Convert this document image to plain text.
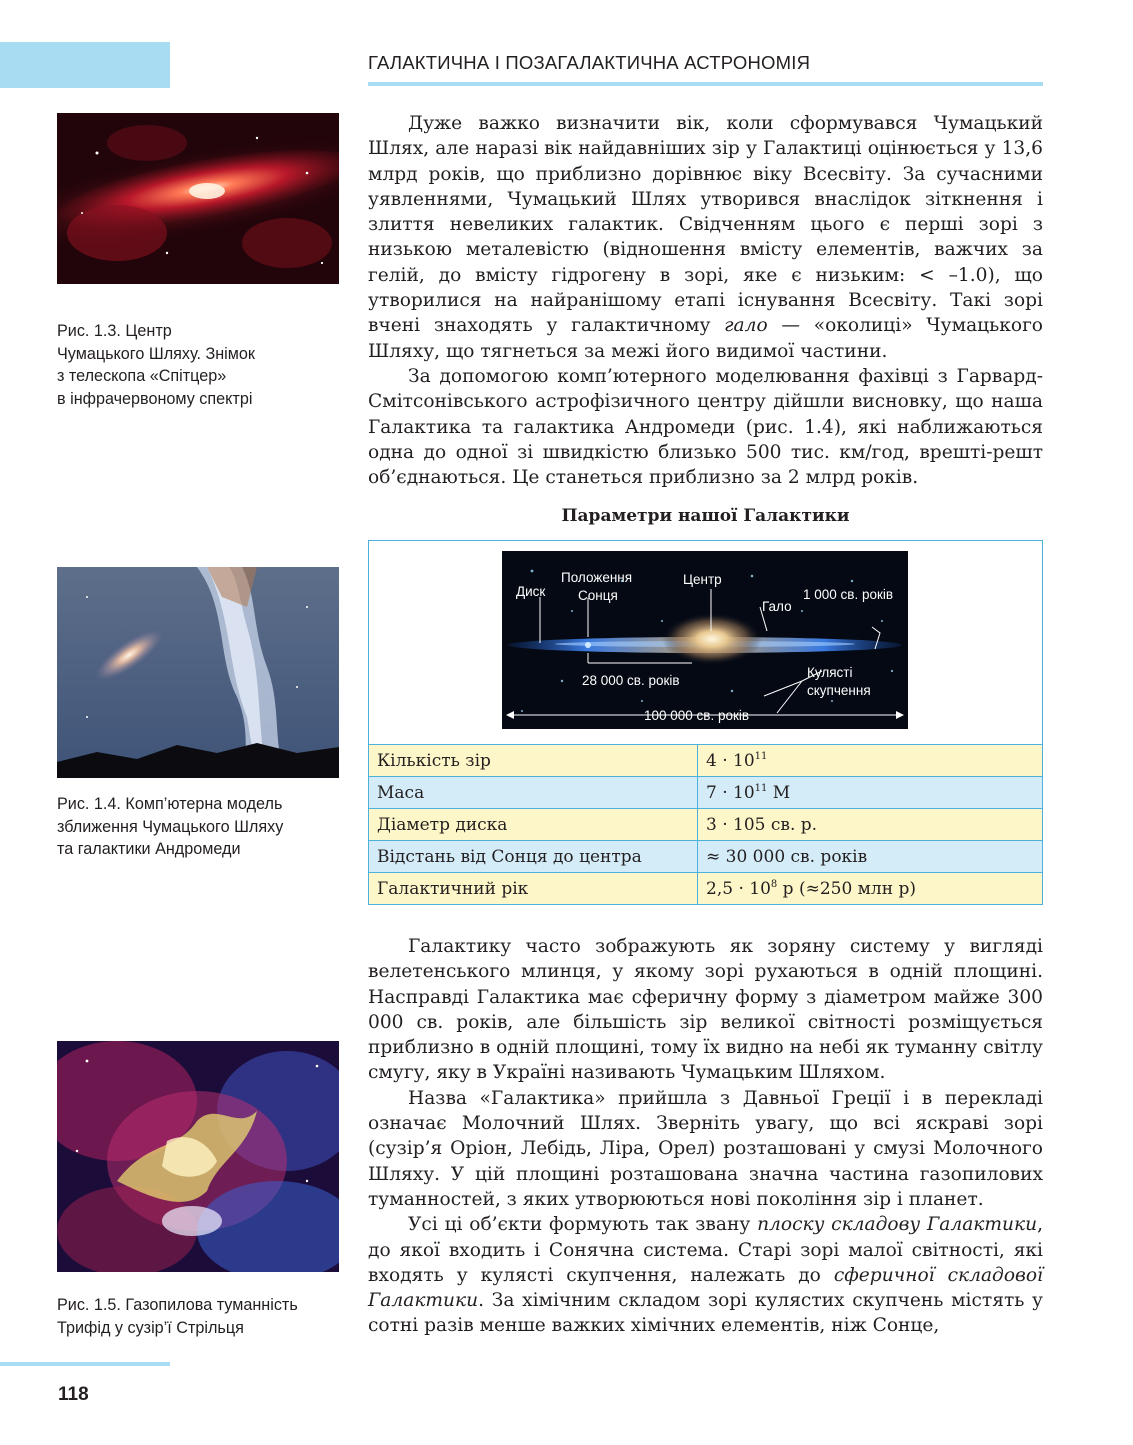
ГАЛАКТИЧНА І ПОЗАГАЛАКТИЧНА АСТРОНОМІЯ
Рис. 1.3. Центр
Чумацького Шляху. Знімок
з телескопа «Спітцер»
в інфрачервоному спектрі
Рис. 1.4. Комп’ютерна модель
зближення Чумацького Шляху
та галактики Андромеди
Рис. 1.5. Газопилова туманність
Трифід у сузір’ї Стрільця

Дуже важко визначити вік, коли сформувався Чумацький Шлях, але наразі вік найдавніших зір у Галактиці оцінюється у 13,6 млрд років, що приблизно дорівнює віку Всесвіту. За сучасними уявленнями, Чумацький Шлях утворився внаслідок зіткнення і злиття невеликих галактик. Свідченням цього є перші зорі з низькою металевістю (відношення вмісту елементів, важчих за гелій, до вмісту гідрогену в зорі, яке є низьким: < –1.0), що утворилися на найранішому етапі існування Всесвіту. Такі зорі вчені знаходять у галактичному гало — «околиці» Чумацького Шляху, що тягнеться за межі його видимої частини.

За допомогою комп’ютерного моделювання фахівці з Гарвард-Смітсонівського астрофізичного центру дійшли висновку, що наша Галактика та галактика Андромеди (рис. 1.4), які наближаються одна до одної зі швидкістю близько 500 тис. км/год, врешті-решт об’єднаються. Це станеться приблизно за 2 млрд років.

Параметри нашої Галактики
Диск
Положення
Сонця
Центр
Гало
1 000 св. років
28 000 св. років
Кулясті
скупчення
100 000 св. років
Кількість зір	$4 \cdot 10^{11}$
Маса	$7 \cdot 10^{11}$ M
Діаметр диска	3 · 105 св. р.
Відстань від Сонця до центра	≈ 30 000 св. років
Галактичний рік	$2,5 \cdot 10^8$ р (≈250 млн р)

Галактику часто зображують як зоряну систему у вигляді велетенського млинця, у якому зорі рухаються в одній площині. Насправді Галактика має сферичну форму з діаметром майже 300 000 св. років, але більшість зір великої світності розміщується приблизно в одній площині, тому їх видно на небі як туманну світлу смугу, яку в Україні називають Чумацьким Шляхом.

Назва «Галактика» прийшла з Давньої Греції і в перекладі означає Молочний Шлях. Зверніть увагу, що всі яскраві зорі (сузір’я Оріон, Лебідь, Ліра, Орел) розташовані у смузі Молочного Шляху. У цій площині розташована значна частина газопилових туманностей, з яких утворюються нові покоління зір і планет.

Усі ці об’єкти формують так звану плоску складову Галактики, до якої входить і Сонячна система. Старі зорі малої світності, які входять у кулясті скупчення, належать до сферичної складової Галактики. За хімічним складом зорі кулястих скупчень містять у сотні разів менше важких хімічних елементів, ніж Сонце,

118
